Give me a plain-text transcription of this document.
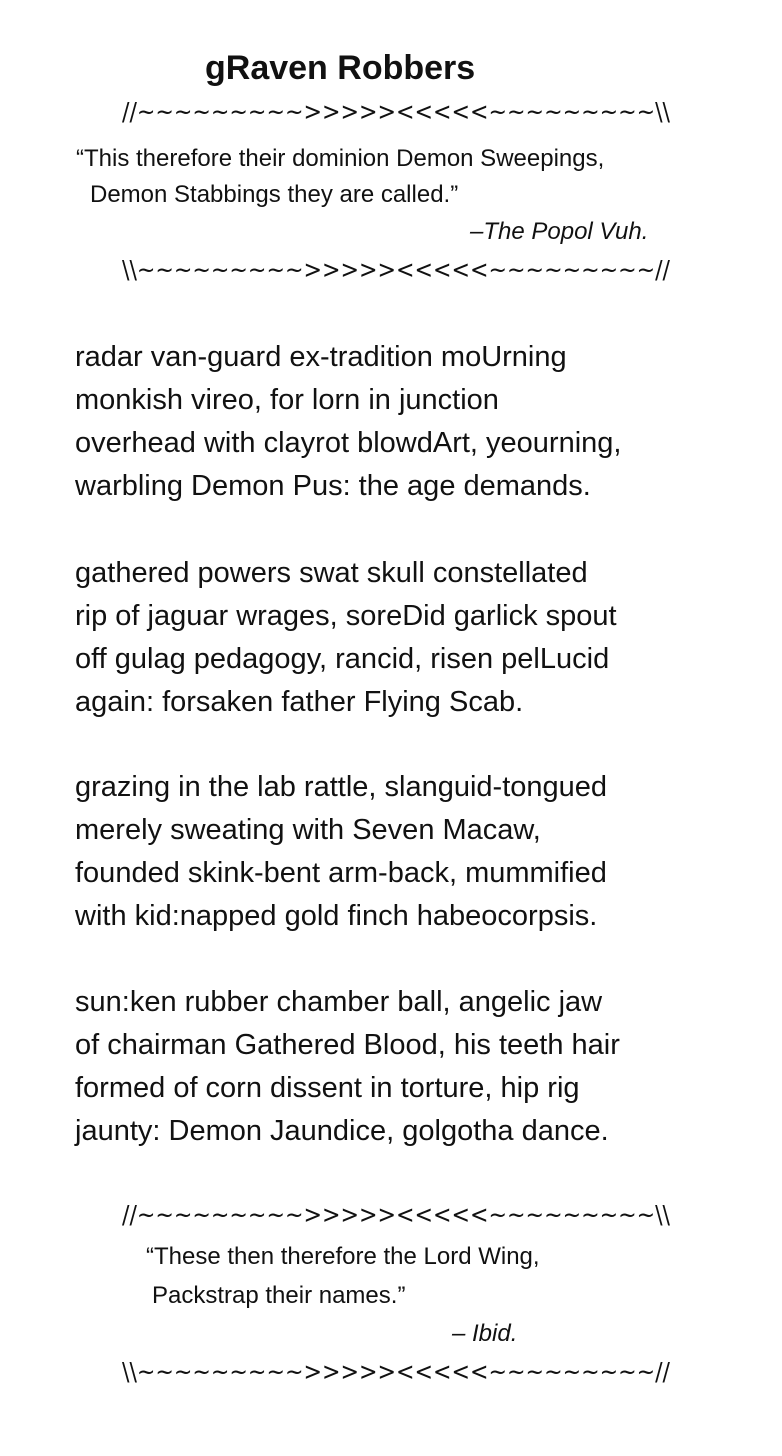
gRaven Robbers
//~~~~~~~~~>>>>><<<<<~~~~~~~~~\\
“This therefore their dominion Demon Sweepings,
Demon Stabbings they are called.”
–The Popol Vuh.
\\~~~~~~~~~>>>>><<<<<~~~~~~~~~//
radar van-guard ex-tradition moUrning
monkish vireo, for lorn in junction
overhead with clayrot blowdArt, yeourning,
warbling Demon Pus: the age demands.
gathered powers swat skull constellated
rip of jaguar wrages, soreDid garlick spout
off gulag pedagogy, rancid, risen pelLucid
again: forsaken father Flying Scab.
grazing in the lab rattle, slanguid-tongued
merely sweating with Seven Macaw,
founded skink-bent arm-back, mummified
with kid:napped gold finch habeocorpsis.
sun:ken rubber chamber ball, angelic jaw
of chairman Gathered Blood, his teeth hair
formed of corn dissent in torture, hip rig
jaunty: Demon Jaundice, golgotha dance.
//~~~~~~~~~>>>>><<<<<~~~~~~~~~\\
“These then therefore the Lord Wing,
Packstrap their names.”
– Ibid.
\\~~~~~~~~~>>>>><<<<<~~~~~~~~~//
